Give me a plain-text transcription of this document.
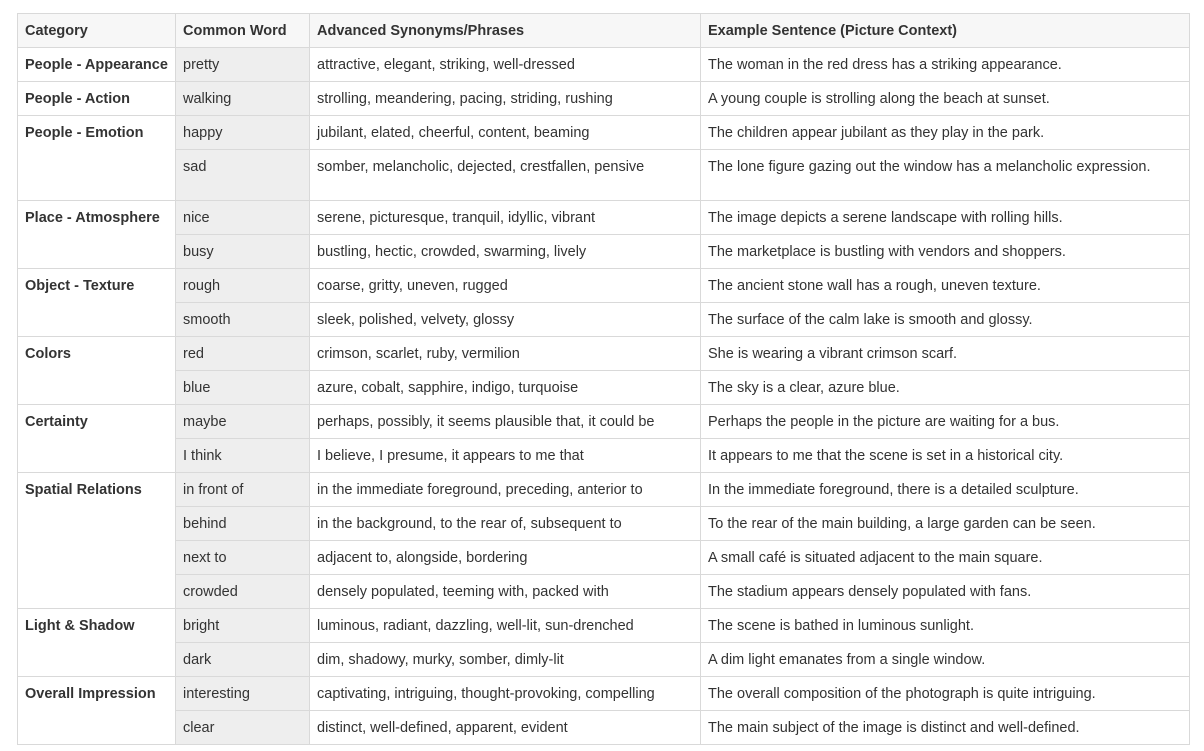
Category	Common Word	Advanced Synonyms/Phrases	Example Sentence (Picture Context)
People - Appearance	pretty	attractive, elegant, striking, well-dressed	The woman in the red dress has a striking appearance.
People - Action	walking	strolling, meandering, pacing, striding, rushing	A young couple is strolling along the beach at sunset.
People - Emotion	happy	jubilant, elated, cheerful, content, beaming	The children appear jubilant as they play in the park.
	sad	somber, melancholic, dejected, crestfallen, pensive	The lone figure gazing out the window has a melancholic expression.
Place - Atmosphere	nice	serene, picturesque, tranquil, idyllic, vibrant	The image depicts a serene landscape with rolling hills.
	busy	bustling, hectic, crowded, swarming, lively	The marketplace is bustling with vendors and shoppers.
Object - Texture	rough	coarse, gritty, uneven, rugged	The ancient stone wall has a rough, uneven texture.
	smooth	sleek, polished, velvety, glossy	The surface of the calm lake is smooth and glossy.
Colors	red	crimson, scarlet, ruby, vermilion	She is wearing a vibrant crimson scarf.
	blue	azure, cobalt, sapphire, indigo, turquoise	The sky is a clear, azure blue.
Certainty	maybe	perhaps, possibly, it seems plausible that, it could be	Perhaps the people in the picture are waiting for a bus.
	I think	I believe, I presume, it appears to me that	It appears to me that the scene is set in a historical city.
Spatial Relations	in front of	in the immediate foreground, preceding, anterior to	In the immediate foreground, there is a detailed sculpture.
	behind	in the background, to the rear of, subsequent to	To the rear of the main building, a large garden can be seen.
	next to	adjacent to, alongside, bordering	A small café is situated adjacent to the main square.
	crowded	densely populated, teeming with, packed with	The stadium appears densely populated with fans.
Light & Shadow	bright	luminous, radiant, dazzling, well-lit, sun-drenched	The scene is bathed in luminous sunlight.
	dark	dim, shadowy, murky, somber, dimly-lit	A dim light emanates from a single window.
Overall Impression	interesting	captivating, intriguing, thought-provoking, compelling	The overall composition of the photograph is quite intriguing.
	clear	distinct, well-defined, apparent, evident	The main subject of the image is distinct and well-defined.
